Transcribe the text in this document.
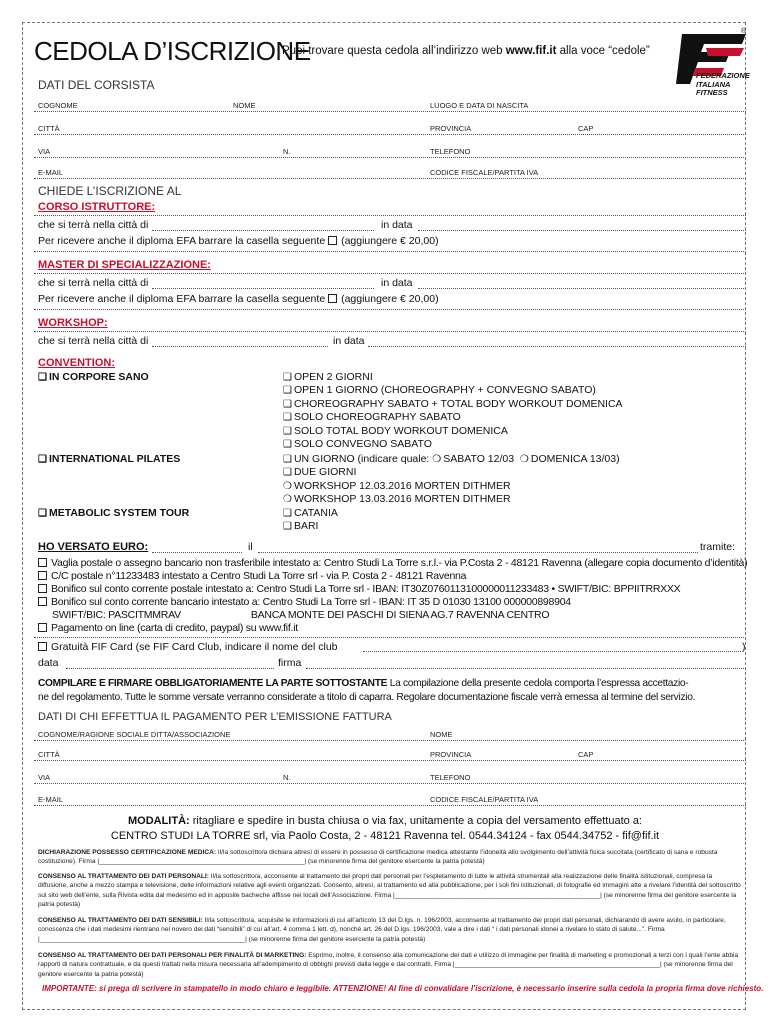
CEDOLA D’ISCRIZIONE
Puoi trovare questa cedola all’indirizzo web www.fif.it alla voce “cedole”
®
FEDERAZIONE
ITALIANA
FITNESS
DATI DEL CORSISTA
COGNOME	NOME	LUOGO E DATA DI NASCITA
CITTÀ	PROVINCIA	CAP
VIA	N.	TELEFONO
E-MAIL	CODICE FISCALE/PARTITA IVA
CHIEDE L’ISCRIZIONE AL
CORSO ISTRUTTORE:
che si terrà nella città di	in data
Per ricevere anche il diploma EFA barrare la casella seguente (aggiungere € 20,00)
MASTER DI SPECIALIZZAZIONE:
che si terrà nella città di	in data
Per ricevere anche il diploma EFA barrare la casella seguente (aggiungere € 20,00)
WORKSHOP:
che si terrà nella città di	in data
CONVENTION:
❑ IN CORPORE SANO	❑ OPEN 2 GIORNI
❑ OPEN 1 GIORNO (CHOREOGRAPHY + CONVEGNO SABATO)
❑ CHOREOGRAPHY SABATO + TOTAL BODY WORKOUT DOMENICA
❑ SOLO CHOREOGRAPHY SABATO
❑ SOLO TOTAL BODY WORKOUT DOMENICA
❑ SOLO CONVEGNO SABATO
❑ INTERNATIONAL PILATES	❑ UN GIORNO (indicare quale: ❍ SABATO 12/03 ❍ DOMENICA 13/03)
❑ DUE GIORNI
❍ WORKSHOP 12.03.2016 MORTEN DITHMER
❍ WORKSHOP 13.03.2016 MORTEN DITHMER
❑ METABOLIC SYSTEM TOUR	❑ CATANIA
❑ BARI
HO VERSATO EURO:	il	tramite:
Vaglia postale o assegno bancario non trasferibile intestato a: Centro Studi La Torre s.r.l.- via P.Costa 2 - 48121 Ravenna (allegare copia documento d’identità)
C/C postale n°11233483 intestato a Centro Studi La Torre srl - via P. Costa 2 - 48121 Ravenna
Bonifico sul conto corrente postale intestato a: Centro Studi La Torre srl - IBAN: IT30Z0760113100000011233483 • SWIFT/BIC: BPPIITRRXXX
Bonifico sul conto corrente bancario intestato a: Centro Studi La Torre srl - IBAN: IT 35 D 01030 13100 000000898904
SWIFT/BIC: PASCITMMRAV	BANCA MONTE DEI PASCHI DI SIENA AG.7 RAVENNA CENTRO
Pagamento on line (carta di credito, paypal) su www.fif.it
Gratuità FIF Card (se FIF Card Club, indicare il nome del club	)
data	firma
COMPILARE E FIRMARE OBBLIGATORIAMENTE LA PARTE SOTTOSTANTE La compilazione della presente cedola comporta l’espressa accettazio-
ne del regolamento. Tutte le somme versate verranno considerate a titolo di caparra. Regolare documentazione fiscale verrà emessa al termine del servizio.
DATI DI CHI EFFETTUA IL PAGAMENTO PER L’EMISSIONE FATTURA
COGNOME/RAGIONE SOCIALE DITTA/ASSOCIAZIONE	NOME
CITTÀ	PROVINCIA	CAP
VIA	N.	TELEFONO
E-MAIL	CODICE FISCALE/PARTITA IVA
MODALITÀ: ritagliare e spedire in busta chiusa o via fax, unitamente a copia del versamento effettuato a:
CENTRO STUDI LA TORRE srl, via Paolo Costa, 2 - 48121 Ravenna tel. 0544.34124 - fax 0544.34752 - fif@fif.it
DICHIARAZIONE POSSESSO CERTIFICAZIONE MEDICA: Il/la sottoscritto/a dichiara altresì di essere in possesso di certificazione medica attestante l’idoneità allo svolgimento dell’attività fisica succitata (certificato di sana e robusta costituzione). Firma |________________________________________________________| (se minorenne firma del genitore esercente la patria potestà)
CONSENSO AL TRATTAMENTO DEI DATI PERSONALI: Il/la sottoscritto/a, acconsente al trattamento dei propri dati personali per l’espletamento di tutte le attività strumentali alla realizzazione delle finalità istituzionali, compresa la diffusione, anche a mezzo stampa e televisione, delle informazioni relative agli eventi organizzati. Consento, altresì, al trattamento ed alla pubblicazione, per i soli fini istituzionali, di fotografie ed immagini atte a rivelare l’identità del sottoscritto sul sito web dell’ente, sulla Rivista edita dal medesimo ed in apposite bacheche affisse nei locali dell’Associazione. Firma |________________________________________________________| (se minorenne firma del genitore esercente la patria potestà)
CONSENSO AL TRATTAMENTO DEI DATI SENSIBILI: Il/la sottoscritto/a, acquisite le informazioni di cui all’articolo 13 del D.lgs. n. 196/2003, acconsente al trattamento dei propri dati personali, dichiarando di avere avuto, in particolare, conoscenza che i dati medesimi rientrano nel novero dei dati “sensibili” di cui all’art. 4 comma 1 lett. d), nonché art. 26 del D.lgs. 196/2003, vale a dire i dati “ i dati personali idonei a rivelare lo stato di salute...”. Firma |________________________________________________________| (se minorenne firma del genitore esercente la patria potestà)
CONSENSO AL TRATTAMENTO DEI DATI PERSONALI PER FINALITÀ DI MARKETING: Esprimo, inoltre, il consenso alla comunicazione dei dati e utilizzo di immagine per finalità di marketing e promozionali a terzi con i quali l’ente abbia rapporti di natura contrattuale, e da questi trattati nella misura necessaria all’adempimento di obblighi previsti dalla legge e dai contratti. Firma |________________________________________________________| (se minorenne firma del genitore esercente la patria potestà)
IMPORTANTE: si prega di scrivere in stampatello in modo chiaro e leggibile. ATTENZIONE! Al fine di convalidare l’iscrizione, è necessario inserire sulla cedola la propria firma dove richiesto.
